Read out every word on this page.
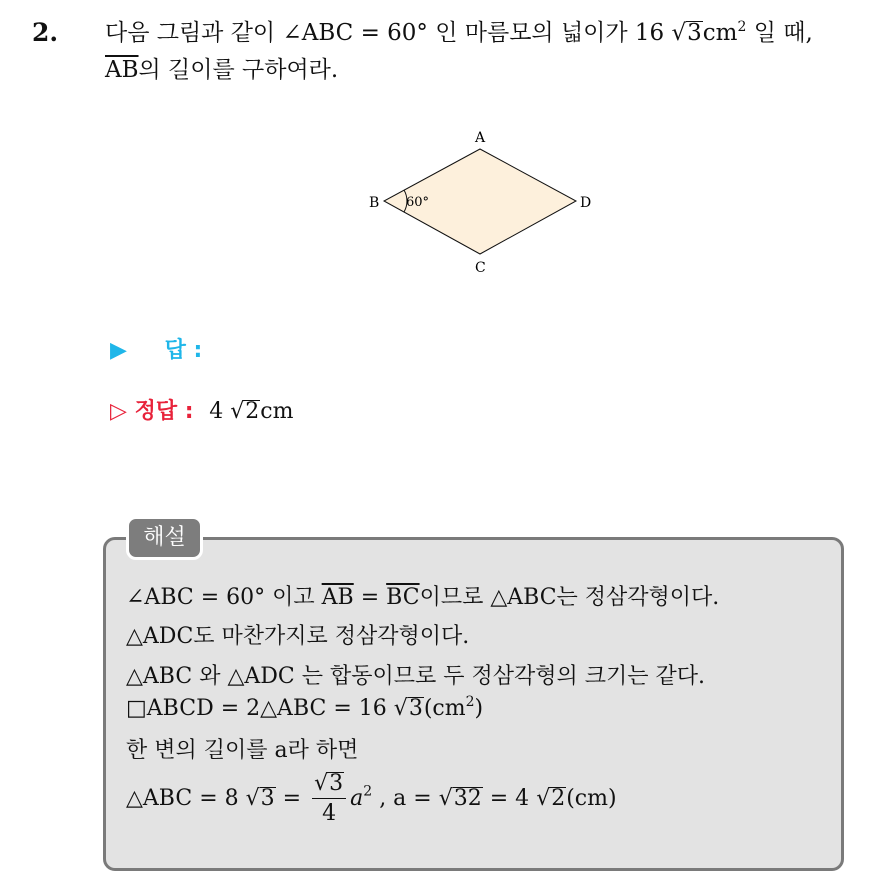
2. 다음 그림과 같이 ∠ABC = 60° 인 마름모의 넓이가 16 $√3cm^2$ 일 때,
$\overline{AB}$의 길이를 구하여라.
A
B
C
D
60°
▶ 답 :
▷ 정답 : 4 √2cm
해설
∠ABC = 60° 이고 $\overline{AB} = \overline{BC}$이므로 △ABC는 정삼각형이다.
△ADC도 마찬가지로 정삼각형이다.
△ABC 와 △ADC 는 합동이므로 두 정삼각형의 크기는 같다.
□ABCD = 2△ABC = 16 $√3(cm^2)$
한 변의 길이를 a라 하면
△ABC = 8 $√3 = \frac{√3}{4} a^2$ , a = √32 = 4 √2(cm)
